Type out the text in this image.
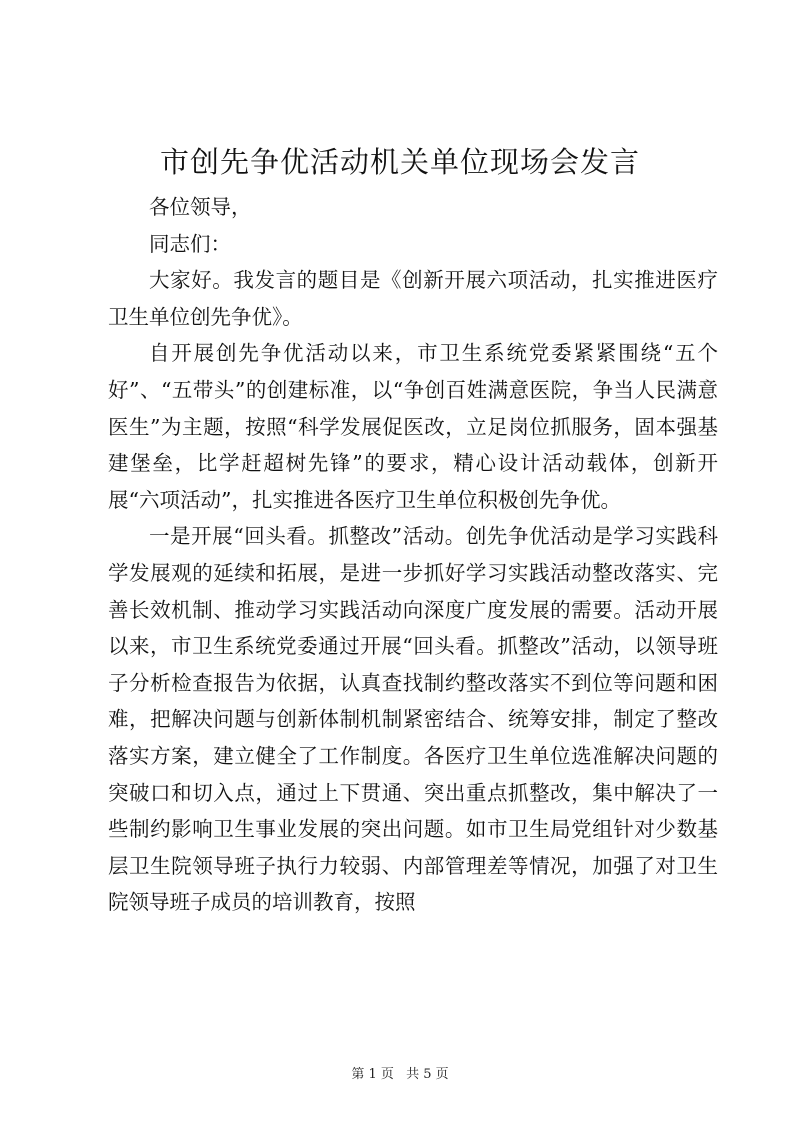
市创先争优活动机关单位现场会发言

各位领导，

同志们：

大家好。我发言的题目是《创新开展六项活动，扎实推进医疗卫生单位创先争优》。

自开展创先争优活动以来，市卫生系统党委紧紧围绕“五个好”、“五带头”的创建标准，以“争创百姓满意医院，争当人民满意医生”为主题，按照“科学发展促医改，立足岗位抓服务，固本强基建堡垒，比学赶超树先锋”的要求，精心设计活动载体，创新开展“六项活动”，扎实推进各医疗卫生单位积极创先争优。

一是开展“回头看。抓整改”活动。创先争优活动是学习实践科学发展观的延续和拓展，是进一步抓好学习实践活动整改落实、完善长效机制、推动学习实践活动向深度广度发展的需要。活动开展以来，市卫生系统党委通过开展“回头看。抓整改”活动，以领导班子分析检查报告为依据，认真查找制约整改落实不到位等问题和困难，把解决问题与创新体制机制紧密结合、统筹安排，制定了整改落实方案，建立健全了工作制度。各医疗卫生单位选准解决问题的突破口和切入点，通过上下贯通、突出重点抓整改，集中解决了一些制约影响卫生事业发展的突出问题。如市卫生局党组针对少数基层卫生院领导班子执行力较弱、内部管理差等情况，加强了对卫生院领导班子成员的培训教育，按照

第 1 页 共 5 页
